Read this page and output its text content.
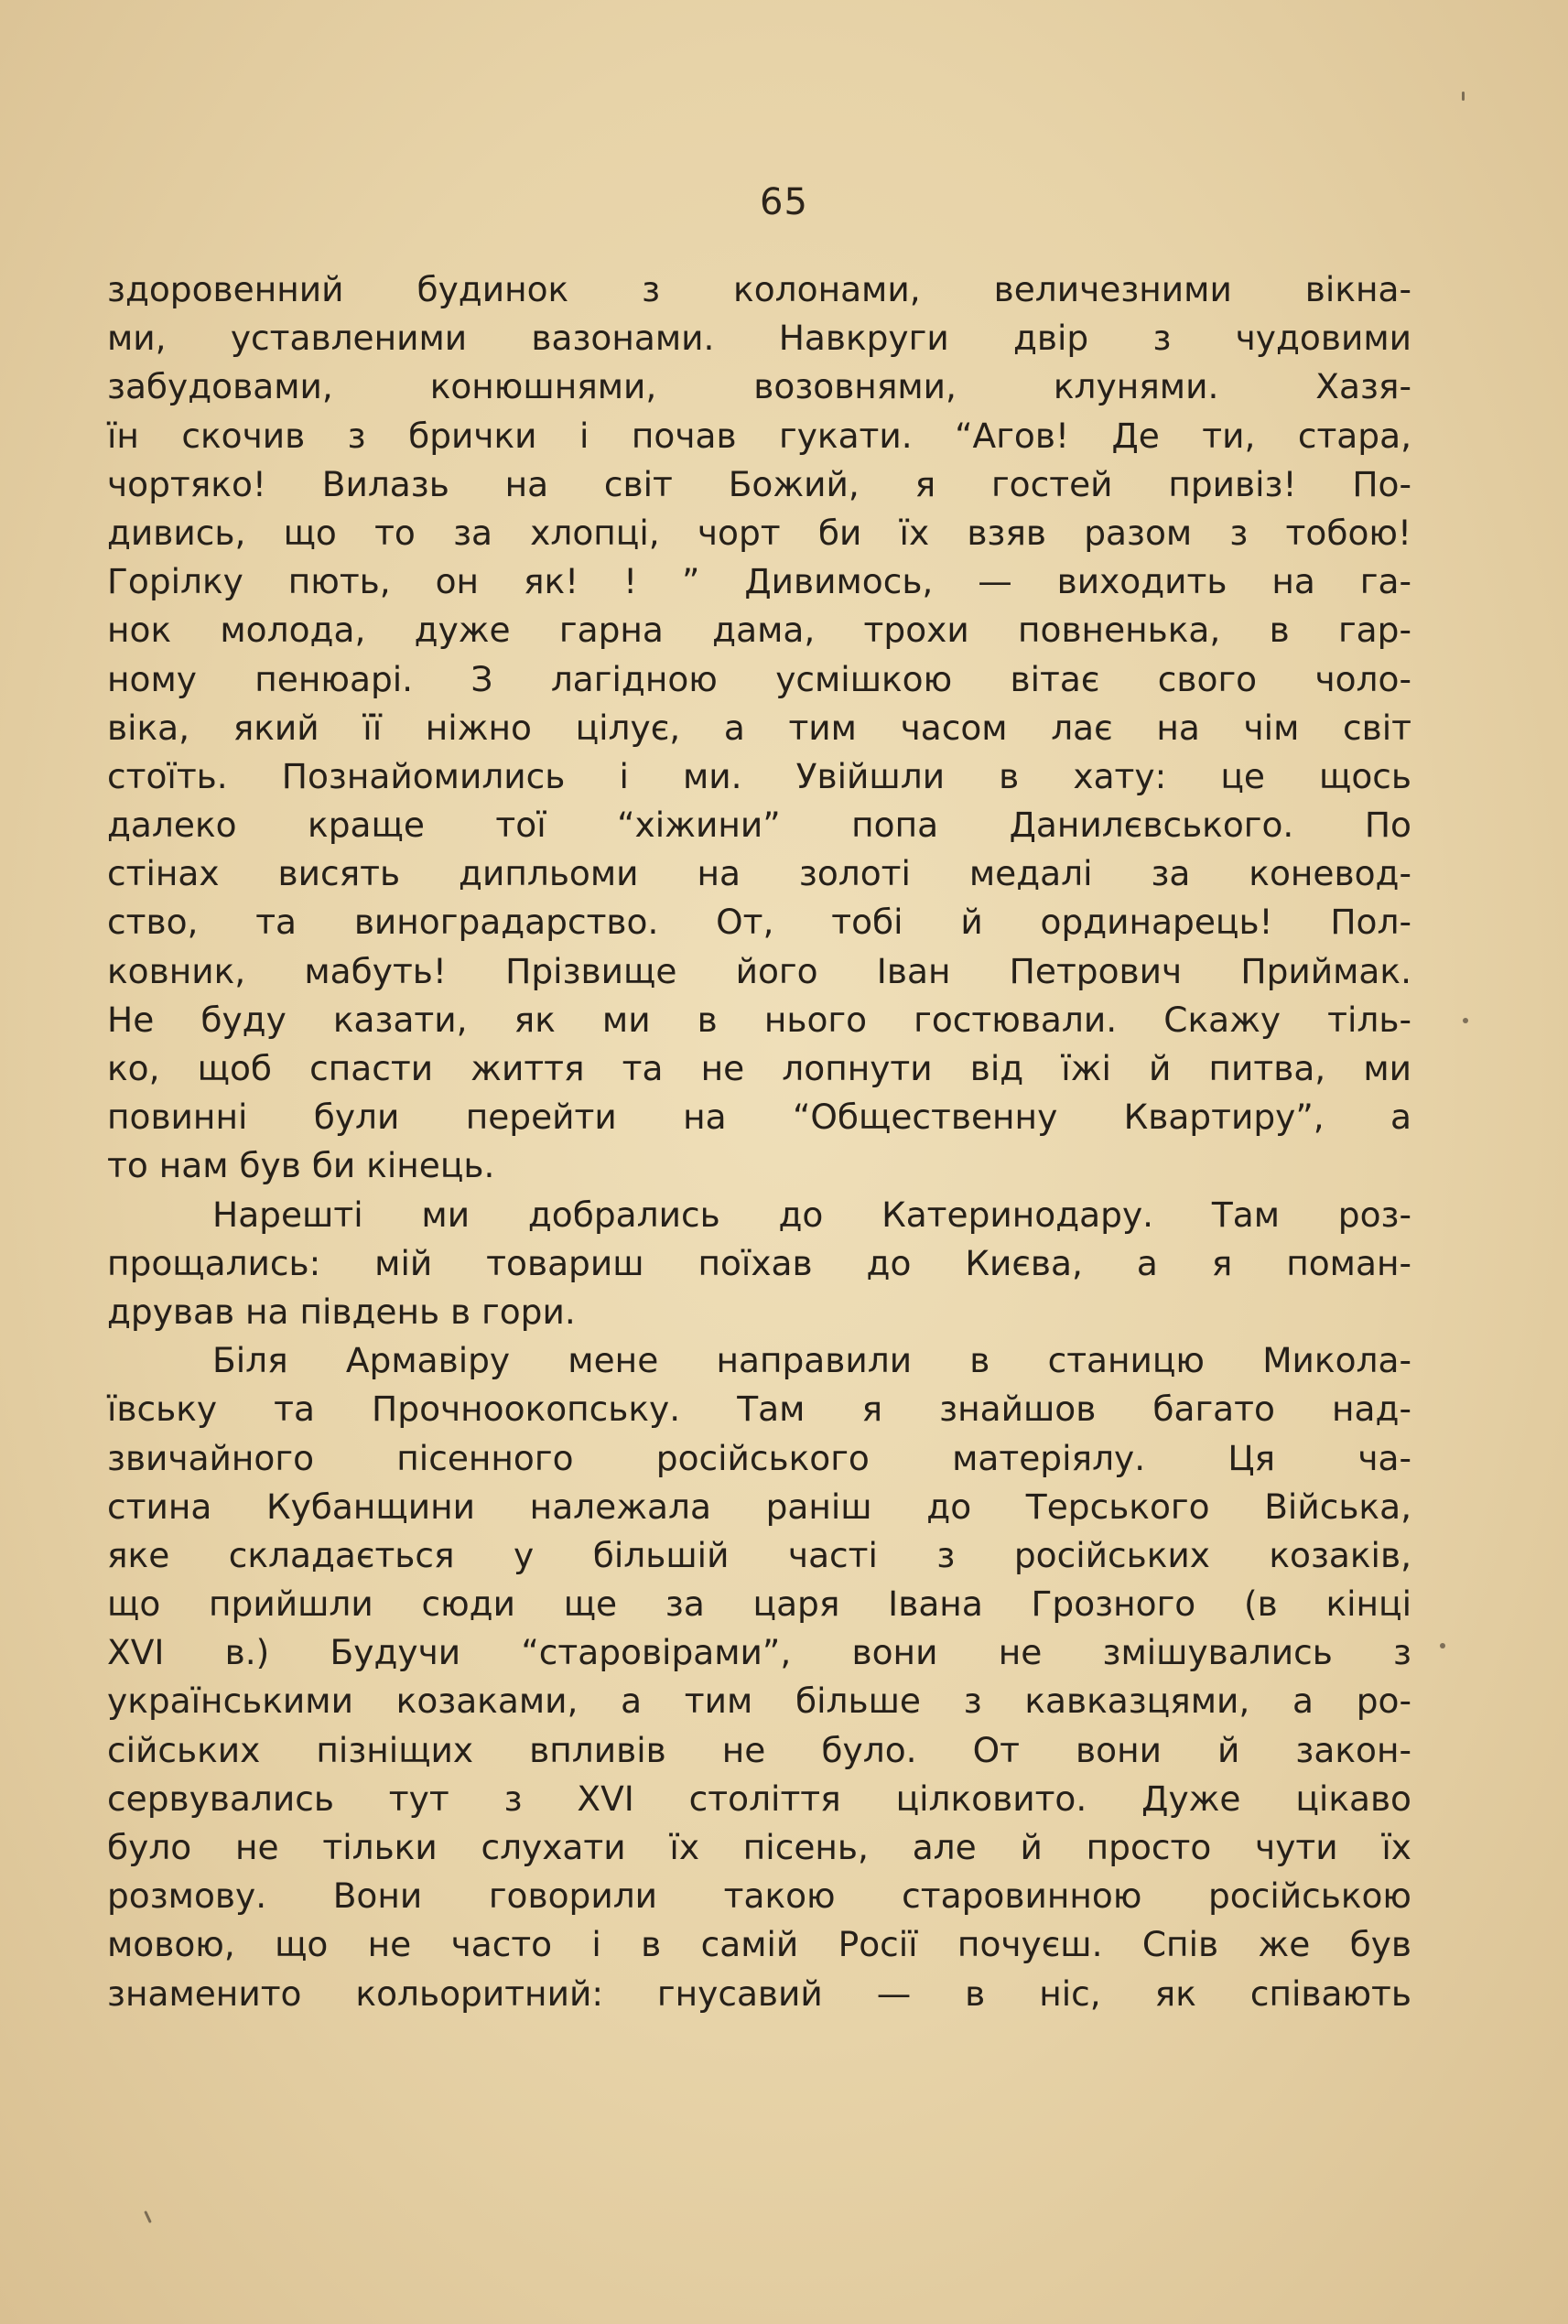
65
здоровенний будинок з колонами, величезними вікна-
ми, уставленими вазонами. Навкруги двір з чудовими
забудовами, конюшнями, возовнями, клунями. Хазя-
їн скочив з брички і почав гукати. “Агов! Де ти, стара,
чортяко! Вилазь на світ Божий, я гостей привіз! По-
дивись, що то за хлопці, чорт би їх взяв разом з тобою!
Горілку пють, он як! ! ” Дивимось, — виходить на га-
нок молода, дуже гарна дама, трохи повненька, в гар-
ному пенюарі. З лагідною усмішкою вітає свого чоло-
віка, який її ніжно цілує, а тим часом лає на чім світ
стоїть. Познайомились і ми. Увійшли в хату: це щось
далеко краще тої “хіжини” попа Данилєвського. По
стінах висять дипльоми на золоті медалі за коневод-
ство, та виноградарство. От, тобі й ординарець! Пол-
ковник, мабуть! Прізвище його Іван Петрович Приймак.
Не буду казати, як ми в нього гостювали. Скажу тіль-
ко, щоб спасти життя та не лопнути від їжі й питва, ми
повинні були перейти на “Общественну Квартиру”, а
то нам був би кінець.
Нарешті ми добрались до Катеринодару. Там роз-
прощались: мій товариш поїхав до Києва, а я поман-
дрував на південь в гори.
Біля Армавіру мене направили в станицю Микола-
ївську та Прочноокопську. Там я знайшов багато над-
звичайного пісенного російського матеріялу. Ця ча-
стина Кубанщини належала раніш до Терського Війська,
яке складається у більшій часті з російських козаків,
що прийшли сюди ще за царя Івана Грозного (в кінці
XVI в.) Будучи “старовірами”, вони не змішувались з
українськими козаками, а тим більше з кавказцями, а ро-
сійських пізніщих впливів не було. От вони й закон-
сервувались тут з XVI століття цілковито. Дуже цікаво
було не тільки слухати їх пісень, але й просто чути їх
розмову. Вони говорили такою старовинною російською
мовою, що не часто і в самій Росії почуєш. Спів же був
знаменито кольоритний: гнусавий — в ніс, як співають
